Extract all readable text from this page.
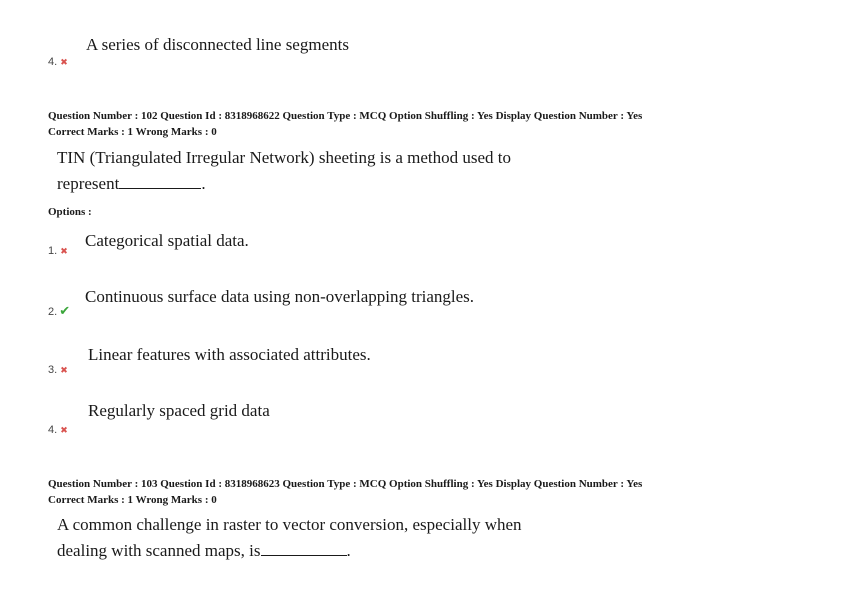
A series of disconnected line segments
4. ✖
Question Number : 102 Question Id : 8318968622 Question Type : MCQ Option Shuffling : Yes Display Question Number : Yes
Correct Marks : 1 Wrong Marks : 0
TIN (Triangulated Irregular Network) sheeting is a method used to
represent	.
Options :
Categorical spatial data.
1. ✖
Continuous surface data using non-overlapping triangles.
2. ✔
Linear features with associated attributes.
3. ✖
Regularly spaced grid data
4. ✖
Question Number : 103 Question Id : 8318968623 Question Type : MCQ Option Shuffling : Yes Display Question Number : Yes
Correct Marks : 1 Wrong Marks : 0
A common challenge in raster to vector conversion, especially when
dealing with scanned maps, is	.
